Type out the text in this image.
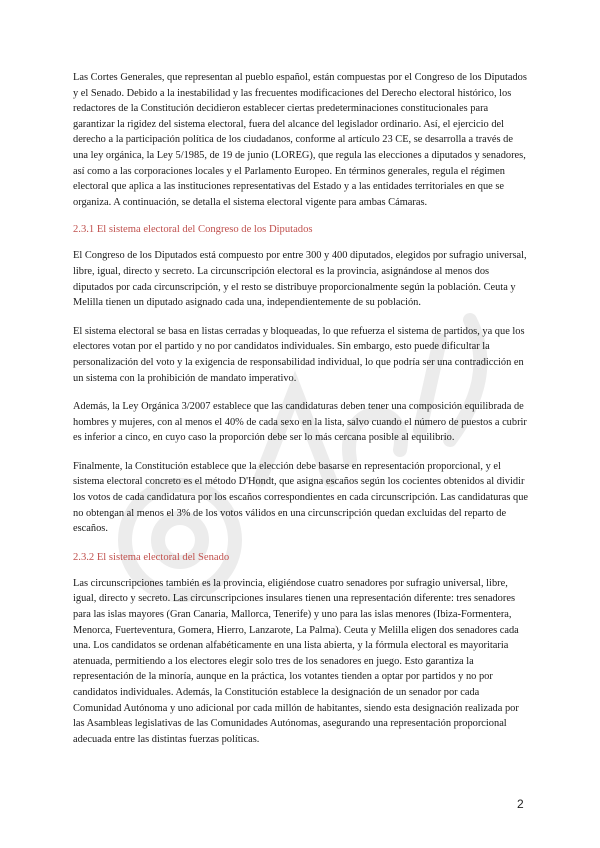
Las Cortes Generales, que representan al pueblo español, están compuestas por el Congreso de los Diputados y el Senado. Debido a la inestabilidad y las frecuentes modificaciones del Derecho electoral histórico, los redactores de la Constitución decidieron establecer ciertas predeterminaciones constitucionales para garantizar la rigidez del sistema electoral, fuera del alcance del legislador ordinario. Así, el ejercicio del derecho a la participación política de los ciudadanos, conforme al artículo 23 CE, se desarrolla a través de una ley orgánica, la Ley 5/1985, de 19 de junio (LOREG), que regula las elecciones a diputados y senadores, así como a las corporaciones locales y el Parlamento Europeo. En términos generales, regula el régimen electoral que aplica a las instituciones representativas del Estado y a las entidades territoriales en que se organiza. A continuación, se detalla el sistema electoral vigente para ambas Cámaras.

2.3.1 El sistema electoral del Congreso de los Diputados

El Congreso de los Diputados está compuesto por entre 300 y 400 diputados, elegidos por sufragio universal, libre, igual, directo y secreto. La circunscripción electoral es la provincia, asignándose al menos dos diputados por cada circunscripción, y el resto se distribuye proporcionalmente según la población. Ceuta y Melilla tienen un diputado asignado cada una, independientemente de su población.

El sistema electoral se basa en listas cerradas y bloqueadas, lo que refuerza el sistema de partidos, ya que los electores votan por el partido y no por candidatos individuales. Sin embargo, esto puede dificultar la personalización del voto y la exigencia de responsabilidad individual, lo que podría ser una contradicción en un sistema con la prohibición de mandato imperativo.

Además, la Ley Orgánica 3/2007 establece que las candidaturas deben tener una composición equilibrada de hombres y mujeres, con al menos el 40% de cada sexo en la lista, salvo cuando el número de puestos a cubrir es inferior a cinco, en cuyo caso la proporción debe ser lo más cercana posible al equilibrio.

Finalmente, la Constitución establece que la elección debe basarse en representación proporcional, y el sistema electoral concreto es el método D'Hondt, que asigna escaños según los cocientes obtenidos al dividir los votos de cada candidatura por los escaños correspondientes en cada circunscripción. Las candidaturas que no obtengan al menos el 3% de los votos válidos en una circunscripción quedan excluidas del reparto de escaños.

2.3.2 El sistema electoral del Senado

Las circunscripciones también es la provincia, eligiéndose cuatro senadores por sufragio universal, libre, igual, directo y secreto. Las circunscripciones insulares tienen una representación diferente: tres senadores para las islas mayores (Gran Canaria, Mallorca, Tenerife) y uno para las islas menores (Ibiza-Formentera, Menorca, Fuerteventura, Gomera, Hierro, Lanzarote, La Palma). Ceuta y Melilla eligen dos senadores cada una. Los candidatos se ordenan alfabéticamente en una lista abierta, y la fórmula electoral es mayoritaria atenuada, permitiendo a los electores elegir solo tres de los senadores en juego. Esto garantiza la representación de la minoría, aunque en la práctica, los votantes tienden a optar por partidos y no por candidatos individuales. Además, la Constitución establece la designación de un senador por cada Comunidad Autónoma y uno adicional por cada millón de habitantes, siendo esta designación realizada por las Asambleas legislativas de las Comunidades Autónomas, asegurando una representación proporcional adecuada entre las distintas fuerzas políticas.

2
